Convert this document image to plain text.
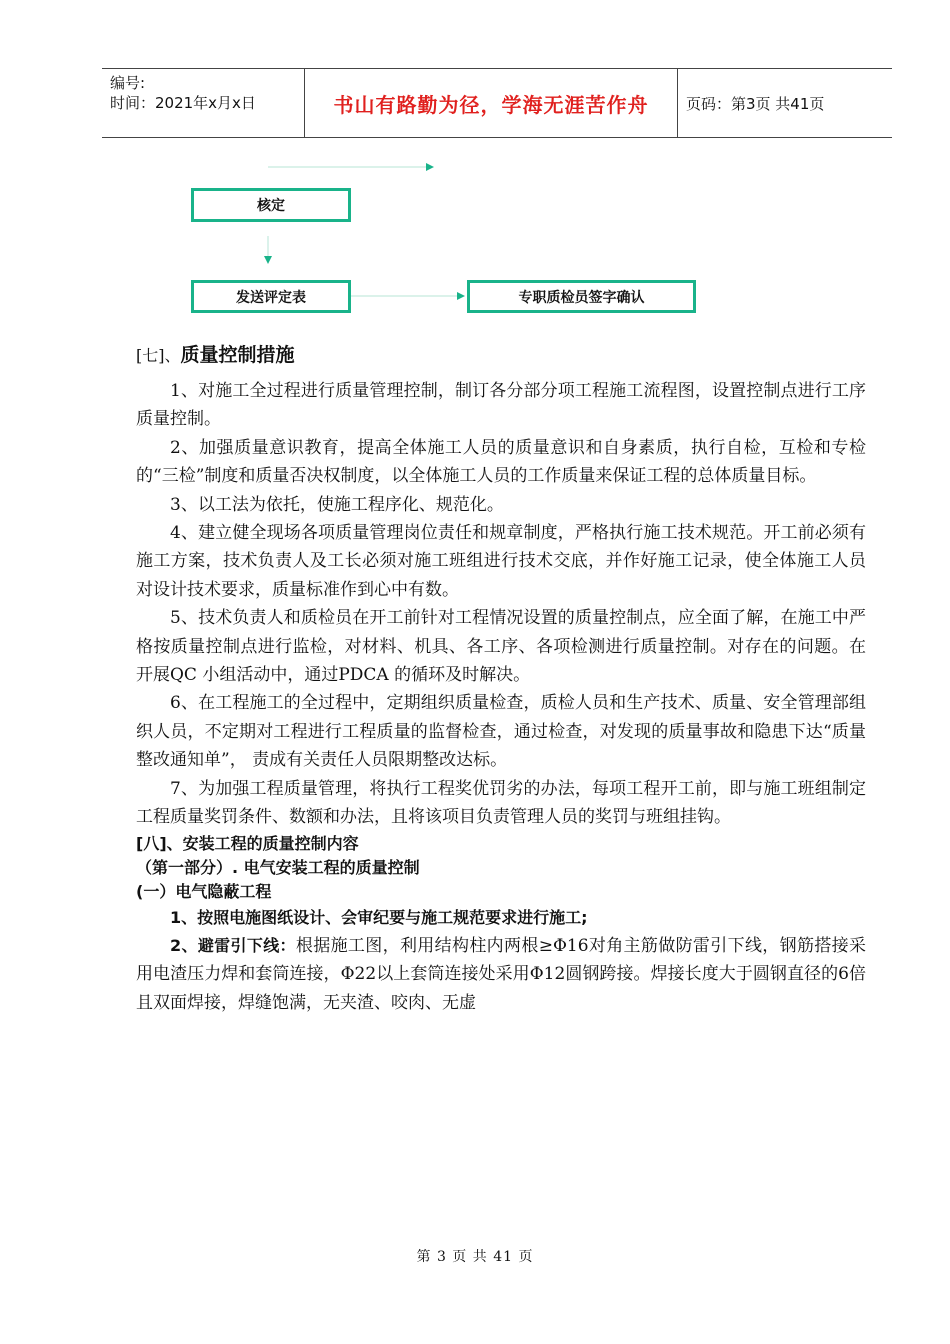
编号:
时间：2021年x月x日	书山有路勤为径，学海无涯苦作舟	页码：第3页 共41页
核定
发送评定表	专职质检员签字确认

[七]、质量控制措施

1、对施工全过程进行质量管理控制，制订各分部分项工程施工流程图，设置控制点进行工序质量控制。

2、加强质量意识教育，提高全体施工人员的质量意识和自身素质，执行自检，互检和专检的“三检”制度和质量否决权制度，以全体施工人员的工作质量来保证工程的总体质量目标。

3、以工法为依托，使施工程序化、规范化。

4、建立健全现场各项质量管理岗位责任和规章制度，严格执行施工技术规范。开工前必须有施工方案，技术负责人及工长必须对施工班组进行技术交底，并作好施工记录，使全体施工人员对设计技术要求，质量标准作到心中有数。

5、技术负责人和质检员在开工前针对工程情况设置的质量控制点，应全面了解，在施工中严格按质量控制点进行监检，对材料、机具、各工序、各项检测进行质量控制。对存在的问题。在开展QC 小组活动中，通过PDCA 的循环及时解决。

6、在工程施工的全过程中，定期组织质量检查，质检人员和生产技术、质量、安全管理部组织人员，不定期对工程进行工程质量的监督检查，通过检查，对发现的质量事故和隐患下达“质量整改通知单”， 责成有关责任人员限期整改达标。

7、为加强工程质量管理，将执行工程奖优罚劣的办法，每项工程开工前，即与施工班组制定工程质量奖罚条件、数额和办法，且将该项目负责管理人员的奖罚与班组挂钩。

[八]、安装工程的质量控制内容

（第一部分）. 电气安装工程的质量控制

(一）电气隐蔽工程

1、按照电施图纸设计、会审纪要与施工规范要求进行施工;

2、避雷引下线：根据施工图，利用结构柱内两根≥Φ16对角主筋做防雷引下线，钢筋搭接采用电渣压力焊和套筒连接，Φ22以上套筒连接处采用Φ12圆钢跨接。焊接长度大于圆钢直径的6倍且双面焊接，焊缝饱满，无夹渣、咬肉、无虚

第 3 页 共 41 页
